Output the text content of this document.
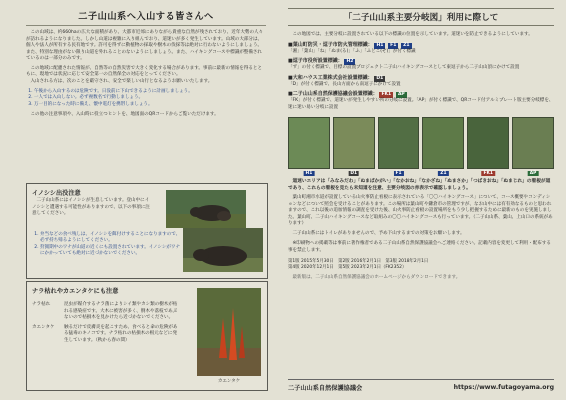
二子山山系へ入山する皆さんへ

この山域は、約660haの広大な面積があり、大都市近郊にありながら貴重な自然が残されており、近年大勢の人々が訪れるようになりました。しかし山道は複雑に入り組んでおり、道迷いが多く発生しています。山域の大部分は、個人や法人が所有する民有地です。許可を得ずに動植物の採取や樹木の伐採等は絶対に行わないようにしましょう。また、特別な理由がない限り山道を外れることのないようにしましょう。また、ハイキングコースや標識が整備されているのは一部分のみです。

この地域に配慮された情報が、自然等の自然災害で大きく変化する場合があります。事前に最新の情報を得るとともに、現地では状況に応じて安全第一の自然保全の対応をとってください。

入山される方は、次のことを厳守され、安全で楽しい山行となるようお願いいたします。

1. 午後から入山するのは危険です。日没前に下山できるように計画しましょう。
2. 一人では入山しない。必ず複数名で行動しましょう。
3. 万一目的になった時に備え、懐中電灯を携帯しましょう。

この他の注意事項や、入山時に役立つヒントを、地図面のQRコードからご覧いただけます。

イノシシ出没注意

二子山山系にはイノシシが生息しています。登山中にイノシシと遭遇する可能性がありますので、以下の事項に注意してください。

1. 弁当などの食べ残しは、イノシシを餌付けすることになりますので、必ず持ち帰るようにしてください。
2. 狩猟期中のワナが山道の近くにも設置されています。イノシシがワナにかかっていても絶対に近づかないでください。
ナラ枯れやカエンタケにも注意
ナラ枯れ	昆虫が媒介するナラ菌によりシイ類やカシ類の樹木が枯れる感染症です。大木に被害が多く、倒木や落枝であぶないので枯損木を見かけたら近づかないでください。
カエンタケ	触るだけで皮膚炎を起こすため、食べると命の危険がある猛毒のキノコです。ナラ枯れの枯損木の根元などに発生しています。（秋から春の間）
カエンタケ
「二子山山系主要分岐図」利用に際して

この地図では、主要分岐に設置されている以下の標識の位置を示しています。道迷いを防止できるようにしています。

■葉山町防災・逗子市防火管理標識： H1 F1 Z1

「湘」「葉山」「ね」「ぬま(る)」「ふ」「ふとこ(ぞ)」が付く標識

■逗子市役所設置標識： H2

「ず」の付く標識で、目標の設置プロジェクト二子山ハイキングコースとして東逗子から二子山山頂にかけて設置

■大和ハウス工業株式会社設置標識： D1

「D」が付く標識で、長山方面から南逗子にかけて設置

■二子山山系自然保護協議会設置標識： FK1 AP

「FK」が付く標識で、道迷いが発生しやすい所の分岐に設置。「AP」が付く標識で、QRコード付アルミプレート版主要分岐標を、迷に迷い易い分岐に設置

H1	D1	F1	Z1	FK1	AP

道迷いエリアは「みなみだわ」「ぬまばかがい」「なかおね」「なかざね」「ぬまさか」「つばきおね」「ぬまじれ」の看板が道であり、これらの看板を見たら未知道を注意、主要分岐図の赤表示で確認しましょう。

葉山町湘市水道が設置している山火事防止看板に表示されている「〇〇ハイキングコース」について、コース概要やコンディションなどについて照会を受けることがあります。この場所は葉山町や鎌倉市の管理ですが、なお山中には有有効なるものと思われますので、これ以後の追加情報の調査を受けた後、山火事防止看板の設置場所をもう少し把握するために最新のものを実施しました。葉山町、二子山ハイキングコースなど取組みの〇〇ハイキングコースも行っています。（二子山山系、葉山、上山口の系統があります）

二子山山系にはトイレがありませんので、予め下山するまでの対策をお願いします。

※印刷物への掲載等は事前に著作権者である二子山山系自然保護協議会へご連絡ください。記載内容を変更して利用・配布する事を禁止します。

第1版 2015年5月30日　第2版 2016年2月1日　第3版 2018年2月1日
第4版 2020年12月1日　第5版 2023年2月1日（FK2352）

最新版は、二子山山系自然保護協議会のホームページからダウンロードできます。

二子山山系自然保護協議会	https://www.futagoyama.org
